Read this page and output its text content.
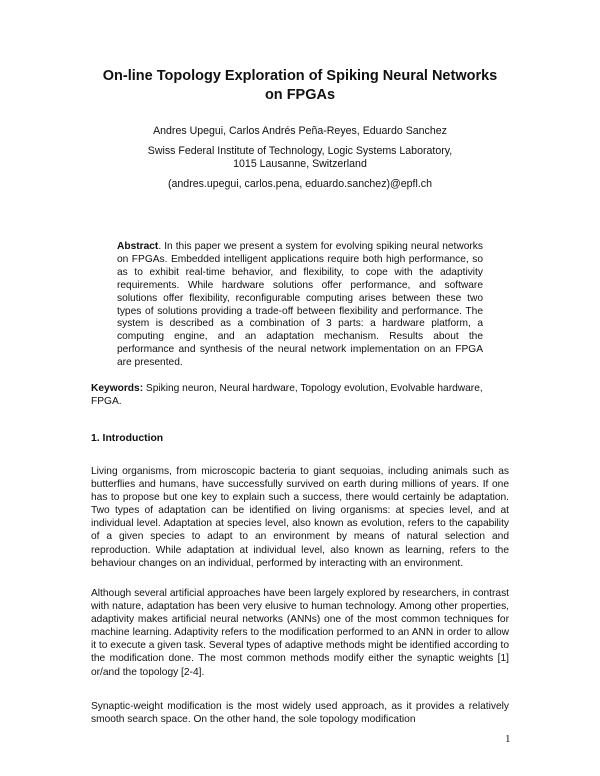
On-line Topology Exploration of Spiking Neural Networks
on FPGAs

Andres Upegui, Carlos Andrés Peña-Reyes, Eduardo Sanchez

Swiss Federal Institute of Technology, Logic Systems Laboratory,

1015 Lausanne, Switzerland

(andres.upegui, carlos.pena, eduardo.sanchez)@epfl.ch

Abstract. In this paper we present a system for evolving spiking neural networks on FPGAs. Embedded intelligent applications require both high performance, so as to exhibit real-time behavior, and flexibility, to cope with the adaptivity requirements. While hardware solutions offer performance, and software solutions offer flexibility, reconfigurable computing arises between these two types of solutions providing a trade-off between flexibility and performance. The system is described as a combination of 3 parts: a hardware platform, a computing engine, and an adaptation mechanism. Results about the performance and synthesis of the neural network implementation on an FPGA are presented.

Keywords: Spiking neuron, Neural hardware, Topology evolution, Evolvable hardware, FPGA.

1. Introduction

Living organisms, from microscopic bacteria to giant sequoias, including animals such as butterflies and humans, have successfully survived on earth during millions of years. If one has to propose but one key to explain such a success, there would certainly be adaptation. Two types of adaptation can be identified on living organisms: at species level, and at individual level. Adaptation at species level, also known as evolution, refers to the capability of a given species to adapt to an environment by means of natural selection and reproduction. While adaptation at individual level, also known as learning, refers to the behaviour changes on an individual, performed by interacting with an environment.

Although several artificial approaches have been largely explored by researchers, in contrast with nature, adaptation has been very elusive to human technology. Among other properties, adaptivity makes artificial neural networks (ANNs) one of the most common techniques for machine learning. Adaptivity refers to the modification performed to an ANN in order to allow it to execute a given task. Several types of adaptive methods might be identified according to the modification done. The most common methods modify either the synaptic weights [1] or/and the topology [2-4].

Synaptic-weight modification is the most widely used approach, as it provides a relatively smooth search space. On the other hand, the sole topology modification

1
